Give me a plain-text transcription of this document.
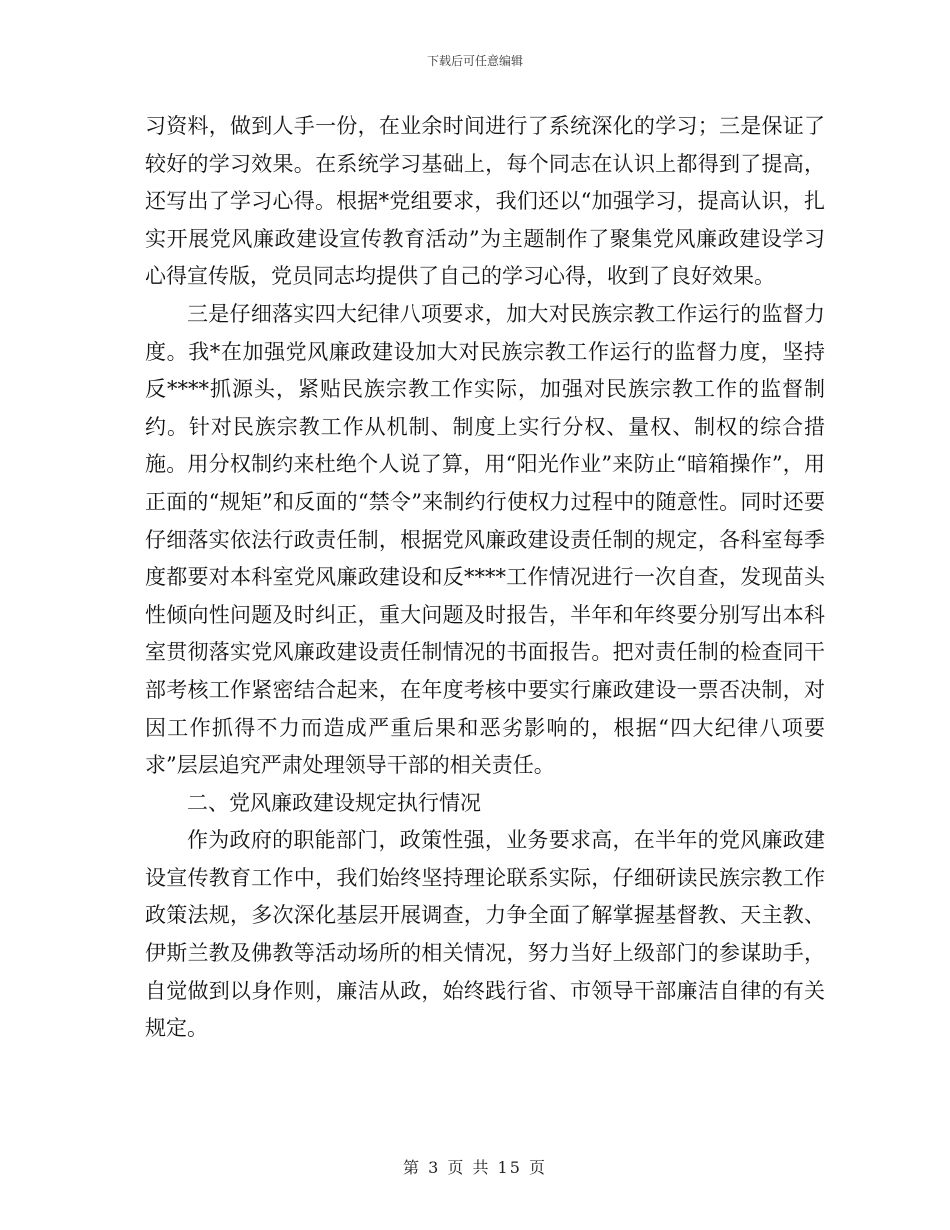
下载后可任意编辑

习资料，做到人手一份，在业余时间进行了系统深化的学习；三是保证了较好的学习效果。在系统学习基础上，每个同志在认识上都得到了提高，还写出了学习心得。根据*党组要求，我们还以“加强学习，提高认识，扎实开展党风廉政建设宣传教育活动”为主题制作了聚集党风廉政建设学习心得宣传版，党员同志均提供了自己的学习心得，收到了良好效果。

三是仔细落实四大纪律八项要求，加大对民族宗教工作运行的监督力度。我*在加强党风廉政建设加大对民族宗教工作运行的监督力度，坚持反****抓源头，紧贴民族宗教工作实际，加强对民族宗教工作的监督制约。针对民族宗教工作从机制、制度上实行分权、量权、制权的综合措施。用分权制约来杜绝个人说了算，用“阳光作业”来防止“暗箱操作”，用正面的“规矩”和反面的“禁令”来制约行使权力过程中的随意性。同时还要仔细落实依法行政责任制，根据党风廉政建设责任制的规定，各科室每季度都要对本科室党风廉政建设和反****工作情况进行一次自查，发现苗头性倾向性问题及时纠正，重大问题及时报告，半年和年终要分别写出本科室贯彻落实党风廉政建设责任制情况的书面报告。把对责任制的检查同干部考核工作紧密结合起来，在年度考核中要实行廉政建设一票否决制，对因工作抓得不力而造成严重后果和恶劣影响的，根据“四大纪律八项要求”层层追究严肃处理领导干部的相关责任。

二、党风廉政建设规定执行情况

作为政府的职能部门，政策性强，业务要求高，在半年的党风廉政建设宣传教育工作中，我们始终坚持理论联系实际，仔细研读民族宗教工作政策法规，多次深化基层开展调查，力争全面了解掌握基督教、天主教、伊斯兰教及佛教等活动场所的相关情况，努力当好上级部门的参谋助手，自觉做到以身作则，廉洁从政，始终践行省、市领导干部廉洁自律的有关规定。

第 3 页 共 15 页
